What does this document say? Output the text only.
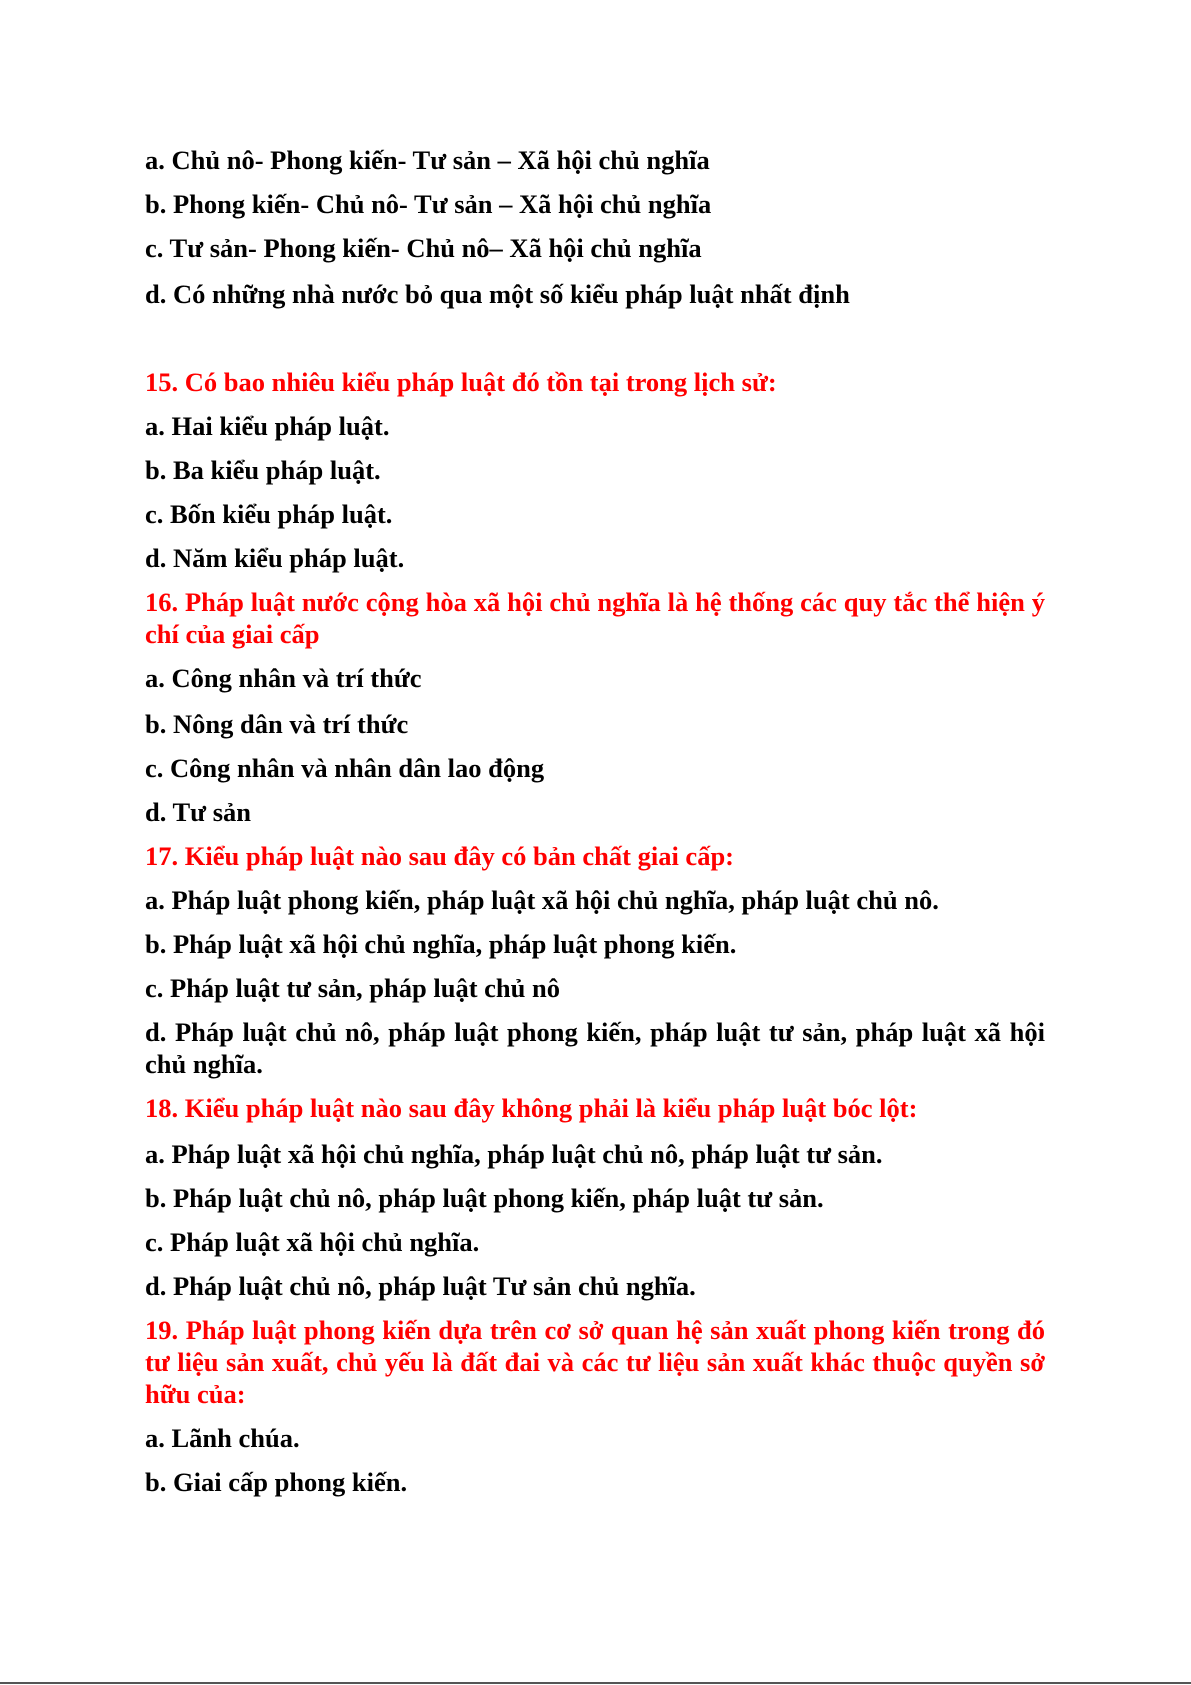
a. Chủ nô- Phong kiến- Tư sản – Xã hội chủ nghĩa
b. Phong kiến- Chủ nô- Tư sản – Xã hội chủ nghĩa
c. Tư sản- Phong kiến- Chủ nô– Xã hội chủ nghĩa
d. Có những nhà nước bỏ qua một số kiểu pháp luật nhất định
15. Có bao nhiêu kiểu pháp luật đó tồn tại trong lịch sử:
a. Hai kiểu pháp luật.
b. Ba kiểu pháp luật.
c. Bốn kiểu pháp luật.
d. Năm kiểu pháp luật.
16. Pháp luật nước cộng hòa xã hội chủ nghĩa là hệ thống các quy tắc thể hiện ý chí của giai cấp
a. Công nhân và trí thức
b. Nông dân và trí thức
c. Công nhân và nhân dân lao động
d. Tư sản
17. Kiểu pháp luật nào sau đây có bản chất giai cấp:
a. Pháp luật phong kiến, pháp luật xã hội chủ nghĩa, pháp luật chủ nô.
b. Pháp luật xã hội chủ nghĩa, pháp luật phong kiến.
c. Pháp luật tư sản, pháp luật chủ nô
d. Pháp luật chủ nô, pháp luật phong kiến, pháp luật tư sản, pháp luật xã hội chủ nghĩa.
18. Kiểu pháp luật nào sau đây không phải là kiểu pháp luật bóc lột:
a. Pháp luật xã hội chủ nghĩa, pháp luật chủ nô, pháp luật tư sản.
b. Pháp luật chủ nô, pháp luật phong kiến, pháp luật tư sản.
c. Pháp luật xã hội chủ nghĩa.
d. Pháp luật chủ nô, pháp luật Tư sản chủ nghĩa.
19. Pháp luật phong kiến dựa trên cơ sở quan hệ sản xuất phong kiến trong đó tư liệu sản xuất, chủ yếu là đất đai và các tư liệu sản xuất khác thuộc quyền sở hữu của:
a. Lãnh chúa.
b. Giai cấp phong kiến.
